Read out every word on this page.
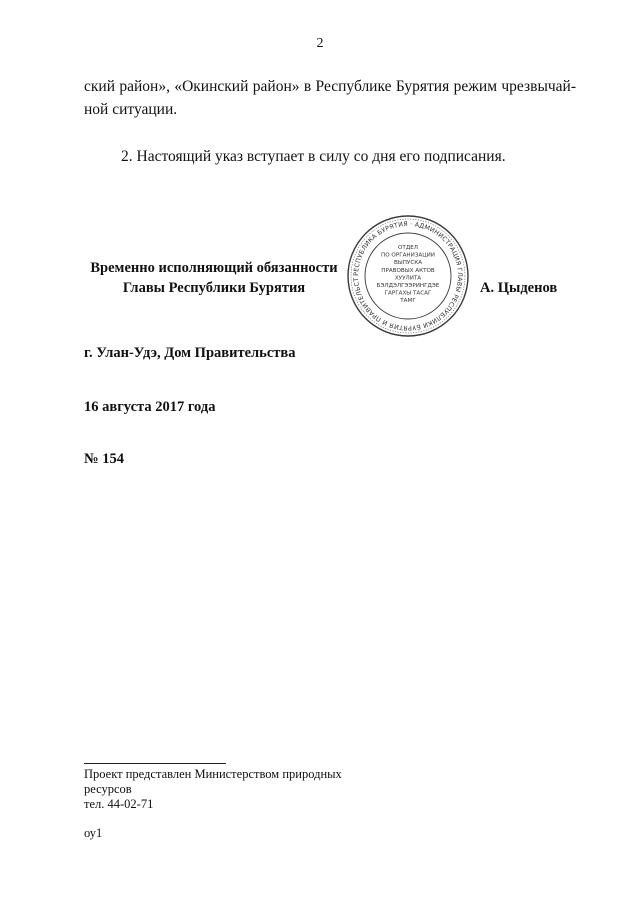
2
ский район», «Окинский район» в Республике Бурятия режим чрезвычай-
ной ситуации.
2. Настоящий указ вступает в силу со дня его подписания.
Временно исполняющий обязанности
Главы Республики Бурятия
РЕСПУБЛИКА БУРЯТИЯ · АДМИНИСТРАЦИЯ ГЛАВЫ РЕСПУБЛИКИ БУРЯТИЯ И ПРАВИТЕЛЬСТ
ОТДЕЛ
ПО ОРГАНИЗАЦИИ
ВЫПУСКА
ПРАВОВЫХ АКТОВ
ХУУЛИТА
БЭЛДЭЛГЭЭРИНГДЭЕ
ГАРГАХЫ ТАСАГ
ТАМГ
А. Цыденов
г. Улан-Удэ, Дом Правительства
16 августа 2017 года
№ 154
Проект представлен Министерством природных
ресурсов
тел. 44-02-71
оу1
